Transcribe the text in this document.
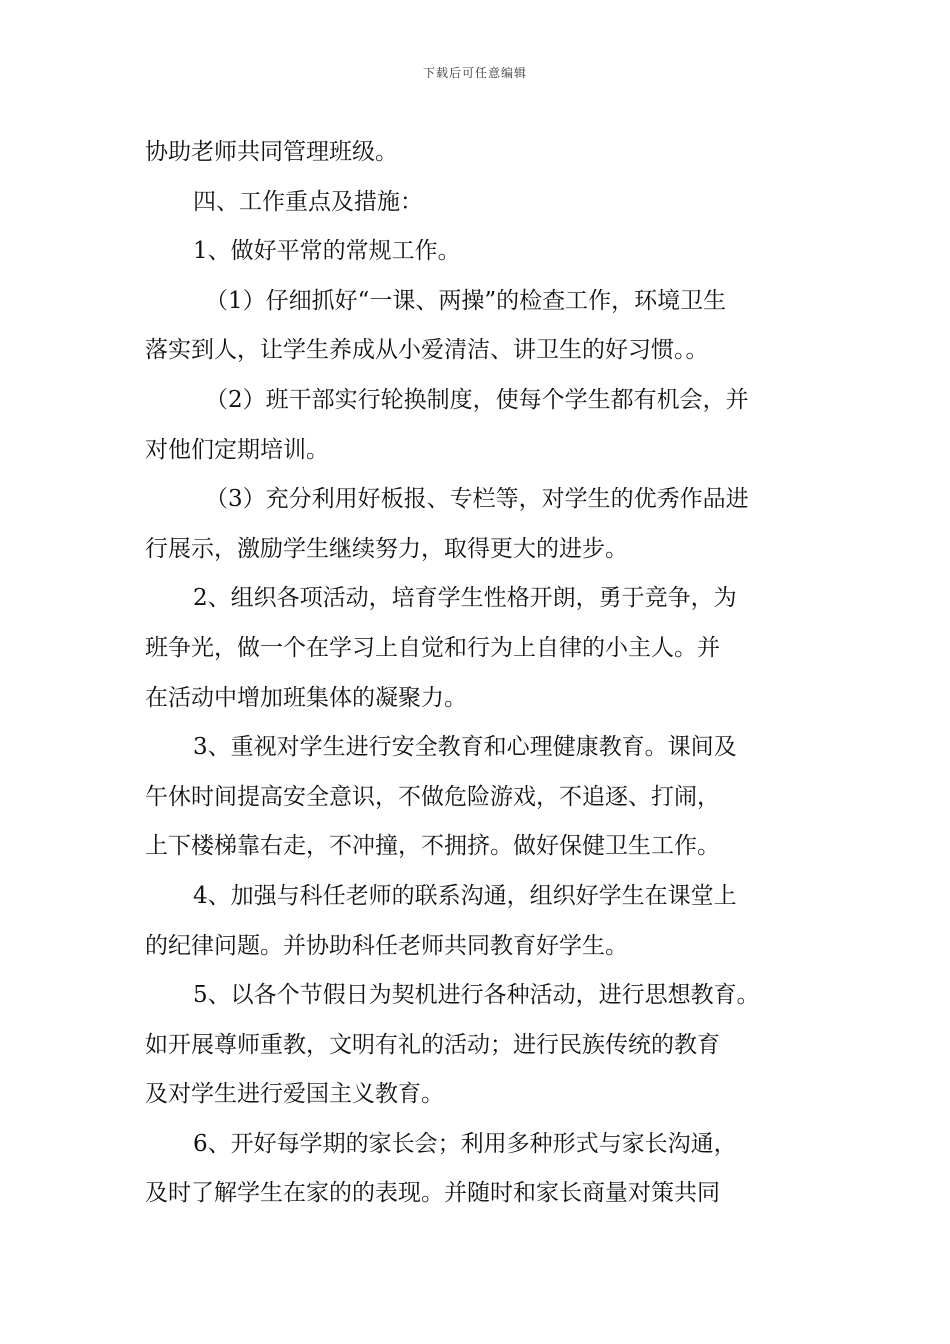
下载后可任意编辑
协助老师共同管理班级。
四、工作重点及措施：
1、做好平常的常规工作。
（1）仔细抓好“一课、两操”的检查工作，环境卫生
落实到人，让学生养成从小爱清洁、讲卫生的好习惯。。
（2）班干部实行轮换制度，使每个学生都有机会，并
对他们定期培训。
（3）充分利用好板报、专栏等，对学生的优秀作品进
行展示，激励学生继续努力，取得更大的进步。
2、组织各项活动，培育学生性格开朗，勇于竞争，为
班争光，做一个在学习上自觉和行为上自律的小主人。并
在活动中增加班集体的凝聚力。
3、重视对学生进行安全教育和心理健康教育。课间及
午休时间提高安全意识，不做危险游戏，不追逐、打闹，
上下楼梯靠右走，不冲撞，不拥挤。做好保健卫生工作。
4、加强与科任老师的联系沟通，组织好学生在课堂上
的纪律问题。并协助科任老师共同教育好学生。
5、以各个节假日为契机进行各种活动，进行思想教育。
如开展尊师重教，文明有礼的活动；进行民族传统的教育
及对学生进行爱国主义教育。
6、开好每学期的家长会；利用多种形式与家长沟通，
及时了解学生在家的的表现。并随时和家长商量对策共同
